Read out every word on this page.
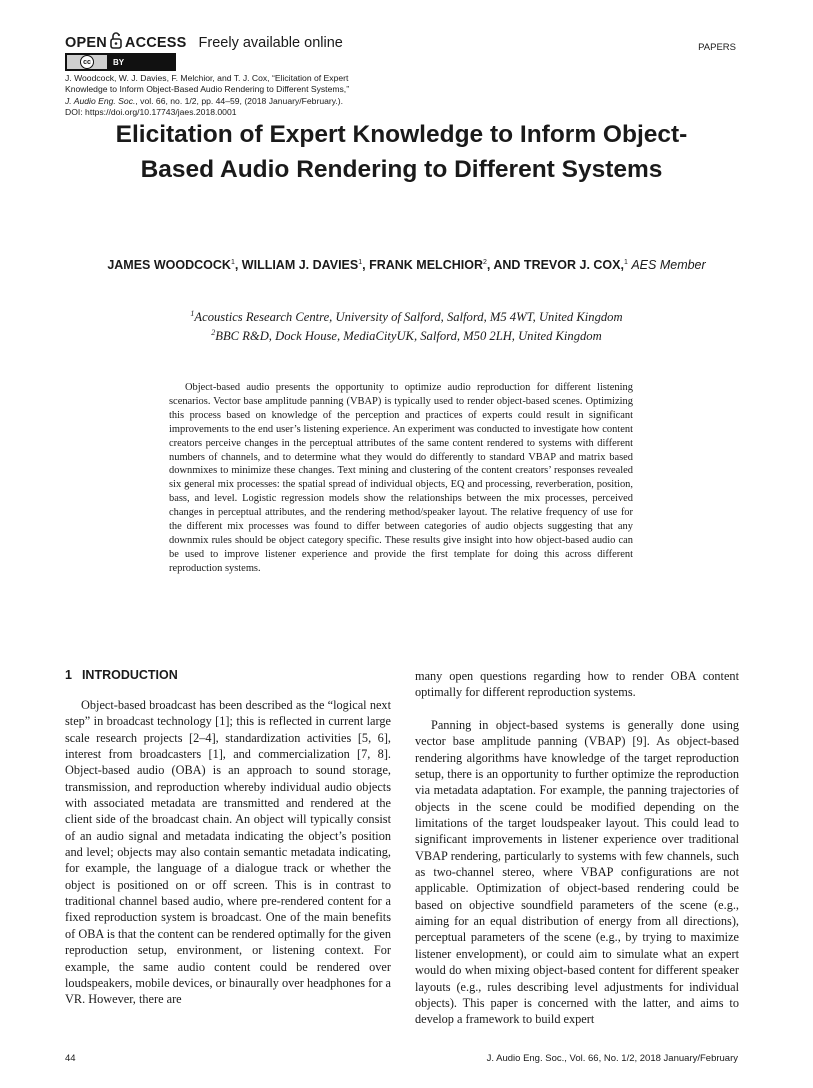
OPEN ACCESS Freely available online
cc	BY
PAPERS
J. Woodcock, W. J. Davies, F. Melchior, and T. J. Cox, “Elicitation of Expert
Knowledge to Inform Object-Based Audio Rendering to Different Systems,”
J. Audio Eng. Soc., vol. 66, no. 1/2, pp. 44–59, (2018 January/February.).
DOI: https://doi.org/10.17743/jaes.2018.0001
Elicitation of Expert Knowledge to Inform Object-Based Audio Rendering to Different Systems
JAMES WOODCOCK$^1$, WILLIAM J. DAVIES$^1$, FRANK MELCHIOR$^2$, AND TREVOR J. COX,$^1$ AES Member
$^1$Acoustics Research Centre, University of Salford, Salford, M5 4WT, United Kingdom
$^2$BBC R&D, Dock House, MediaCityUK, Salford, M50 2LH, United Kingdom

Object-based audio presents the opportunity to optimize audio reproduction for different listening scenarios. Vector base amplitude panning (VBAP) is typically used to render object-based scenes. Optimizing this process based on knowledge of the perception and practices of experts could result in significant improvements to the end user’s listening experience. An experiment was conducted to investigate how content creators perceive changes in the perceptual attributes of the same content rendered to systems with different numbers of channels, and to determine what they would do differently to standard VBAP and matrix based downmixes to minimize these changes. Text mining and clustering of the content creators’ responses revealed six general mix processes: the spatial spread of individual objects, EQ and processing, reverberation, position, bass, and level. Logistic regression models show the relationships between the mix processes, perceived changes in perceptual attributes, and the rendering method/speaker layout. The relative frequency of use for the different mix processes was found to differ between categories of audio objects suggesting that any downmix rules should be object category specific. These results give insight into how object-based audio can be used to improve listener experience and provide the first template for doing this across different reproduction systems.

1 INTRODUCTION

Object-based broadcast has been described as the “logical next step” in broadcast technology [1]; this is reflected in current large scale research projects [2–4], standardization activities [5, 6], interest from broadcasters [1], and commercialization [7, 8]. Object-based audio (OBA) is an approach to sound storage, transmission, and reproduction whereby individual audio objects with associated metadata are transmitted and rendered at the client side of the broadcast chain. An object will typically consist of an audio signal and metadata indicating the object’s position and level; objects may also contain semantic metadata indicating, for example, the language of a dialogue track or whether the object is positioned on or off screen. This is in contrast to traditional channel based audio, where pre-rendered content for a fixed reproduction system is broadcast. One of the main benefits of OBA is that the content can be rendered optimally for the given reproduction setup, environment, or listening context. For example, the same audio content could be rendered over loudspeakers, mobile devices, or binaurally over headphones for a VR. However, there are

many open questions regarding how to render OBA content optimally for different reproduction systems.

Panning in object-based systems is generally done using vector base amplitude panning (VBAP) [9]. As object-based rendering algorithms have knowledge of the target reproduction setup, there is an opportunity to further optimize the reproduction via metadata adaptation. For example, the panning trajectories of objects in the scene could be modified depending on the limitations of the target loudspeaker layout. This could lead to significant improvements in listener experience over traditional VBAP rendering, particularly to systems with few channels, such as two-channel stereo, where VBAP configurations are not applicable. Optimization of object-based rendering could be based on objective soundfield parameters of the scene (e.g., aiming for an equal distribution of energy from all directions), perceptual parameters of the scene (e.g., by trying to maximize listener envelopment), or could aim to simulate what an expert would do when mixing object-based content for different speaker layouts (e.g., rules describing level adjustments for individual objects). This paper is concerned with the latter, and aims to develop a framework to build expert

44	J. Audio Eng. Soc., Vol. 66, No. 1/2, 2018 January/February
